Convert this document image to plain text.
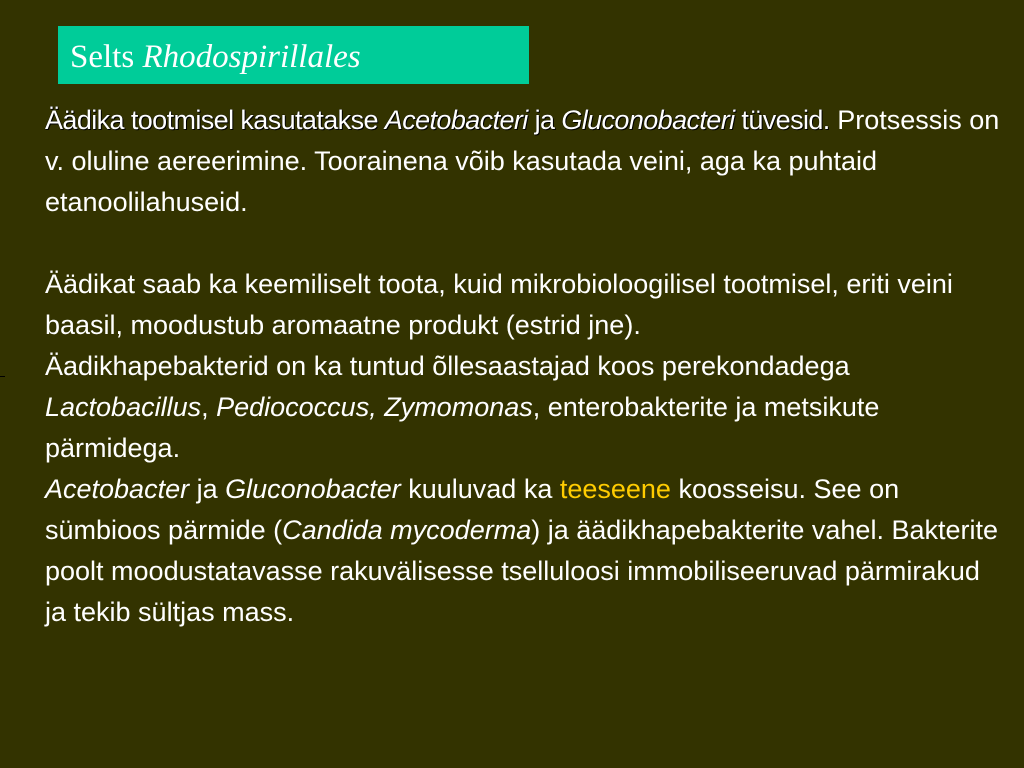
Selts Rhodospirillales

Äädika tootmisel kasutatakse Acetobacteri ja Gluconobacteri tüvesid. Protsessis on v. oluline aereerimine. Toorainena võib kasutada veini, aga ka puhtaid etanoolilahuseid.

Äädikat saab ka keemiliselt toota, kuid mikrobioloogilisel tootmisel, eriti veini baasil, moodustub aromaatne produkt (estrid jne).

Äadikhapebakterid on ka tuntud õllesaastajad koos perekondadega Lactobacillus, Pediococcus, Zymomonas, enterobakterite ja metsikute pärmidega.

Acetobacter ja Gluconobacter kuuluvad ka teeseene koosseisu. See on sümbioos pärmide (Candida mycoderma) ja äädikhapebakterite vahel. Bakterite poolt moodustatavasse rakuvälisesse tselluloosi immobiliseeruvad pärmirakud ja tekib sültjas mass.
